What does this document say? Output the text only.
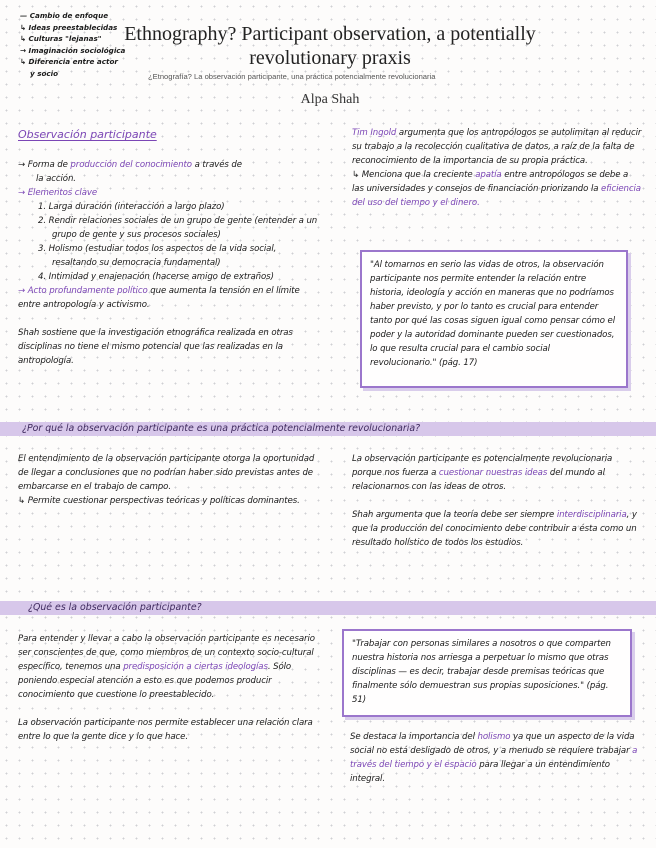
— Cambio de enfoque
↳ Ideas preestablecidas
↳ Culturas "lejanas"
→ Imaginación sociológica
↳ Diferencia entre actor
y socio
Ethnography? Participant observation, a potentially revolutionary praxis
¿Etnografía? La observación participante, una práctica potencialmente revolucionaria
Alpa Shah
Observación participante
→ Forma de producción del conocimiento a través de
la acción.
→ Elementos clave
1. Larga duración (interacción a largo plazo)
2. Rendir relaciones sociales de un grupo de gente (entender a un grupo de gente y sus procesos sociales)
3. Holismo (estudiar todos los aspectos de la vida social, resaltando su democracia fundamental)
4. Intimidad y enajenación (hacerse amigo de extraños)
→ Acto profundamente político que aumenta la tensión en el límite entre antropología y activismo.
Shah sostiene que la investigación etnográfica realizada en otras disciplinas no tiene el mismo potencial que las realizadas en la antropología.
Tim Ingold argumenta que los antropólogos se autolimitan al reducir su trabajo a la recolección cualitativa de datos, a raíz de la falta de reconocimiento de la importancia de su propia práctica.
↳ Menciona que la creciente apatía entre antropólogos se debe a las universidades y consejos de financiación priorizando la eficiencia del uso del tiempo y el dinero.
"Al tomarnos en serio las vidas de otros, la observación participante nos permite entender la relación entre historia, ideología y acción en maneras que no podríamos haber previsto, y por lo tanto es crucial para entender tanto por qué las cosas siguen igual como pensar cómo el poder y la autoridad dominante pueden ser cuestionados, lo que resulta crucial para el cambio social revolucionario." (pág. 17)
¿Por qué la observación participante es una práctica potencialmente revolucionaria?
El entendimiento de la observación participante otorga la oportunidad de llegar a conclusiones que no podrían haber sido previstas antes de embarcarse en el trabajo de campo.
↳ Permite cuestionar perspectivas teóricas y políticas dominantes.
La observación participante es potencialmente revolucionaria porque nos fuerza a cuestionar nuestras ideas del mundo al relacionarnos con las ideas de otros.
Shah argumenta que la teoría debe ser siempre interdisciplinaria, y que la producción del conocimiento debe contribuir a ésta como un resultado holístico de todos los estudios.
¿Qué es la observación participante?
Para entender y llevar a cabo la observación participante es necesario ser conscientes de que, como miembros de un contexto socio-cultural específico, tenemos una predisposición a ciertas ideologías. Sólo poniendo especial atención a esto es que podemos producir conocimiento que cuestione lo preestablecido.
La observación participante nos permite establecer una relación clara entre lo que la gente dice y lo que hace.
"Trabajar con personas similares a nosotros o que comparten nuestra historia nos arriesga a perpetuar lo mismo que otras disciplinas — es decir, trabajar desde premisas teóricas que finalmente sólo demuestran sus propias suposiciones." (pág. 51)
Se destaca la importancia del holismo ya que un aspecto de la vida social no está desligado de otros, y a menudo se requiere trabajar a través del tiempo y el espacio para llegar a un entendimiento integral.
